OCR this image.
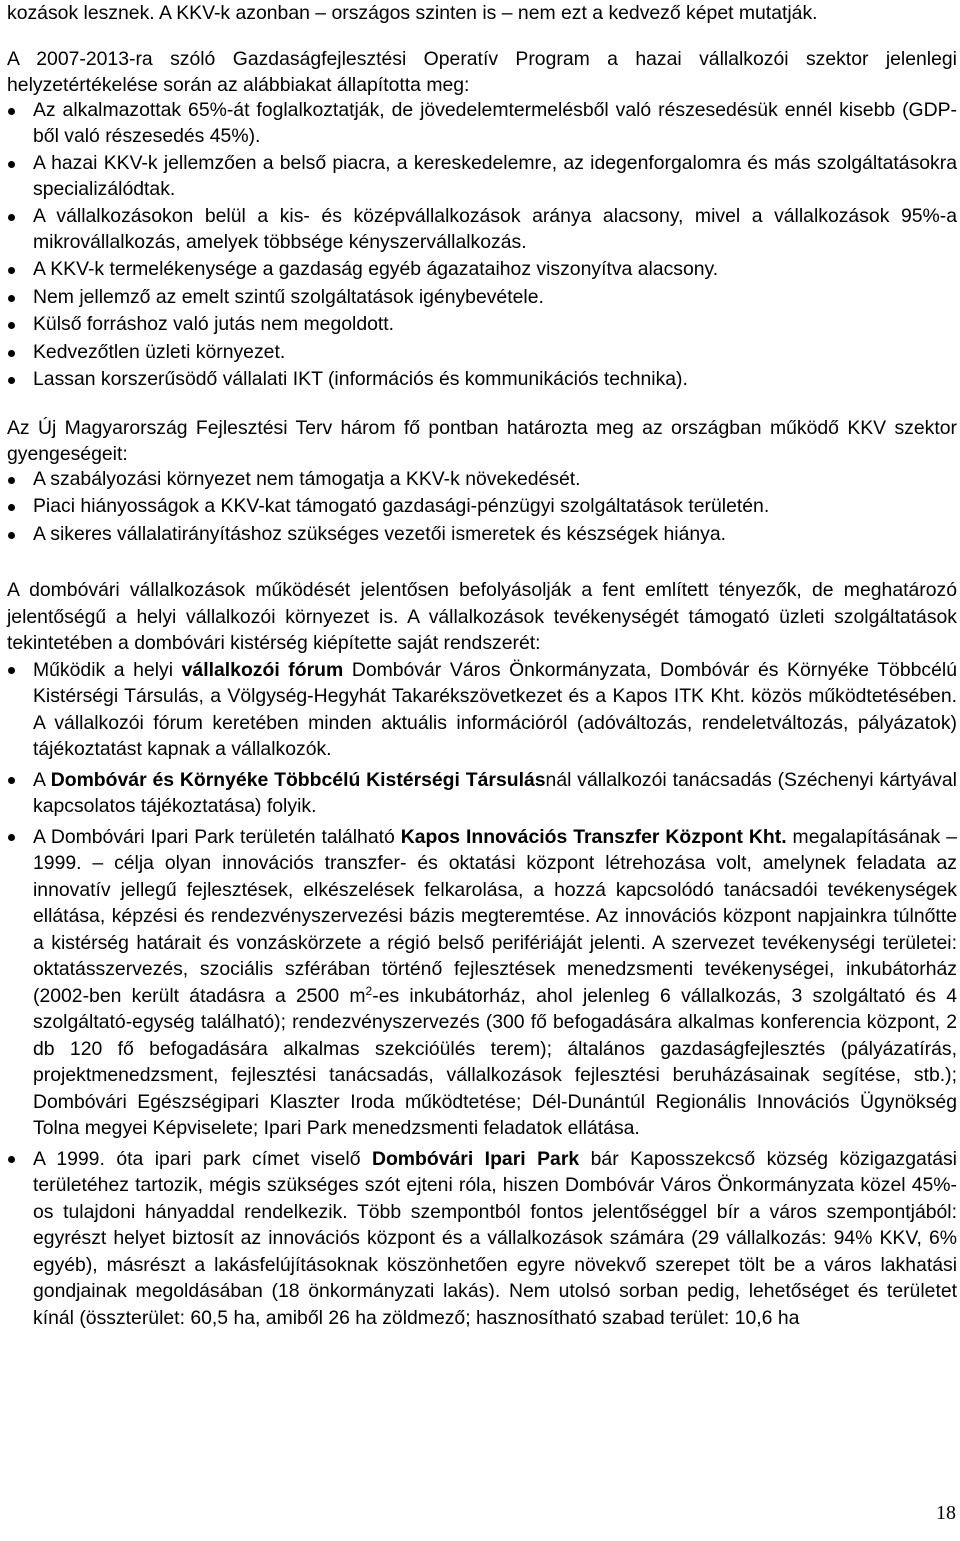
kozások lesznek. A KKV-k azonban – országos szinten is – nem ezt a kedvező képet mutatják.

A 2007-2013-ra szóló Gazdaságfejlesztési Operatív Program a hazai vállalkozói szektor jelenlegi helyzetértékelése során az alábbiakat állapította meg:

Az alkalmazottak 65%-át foglalkoztatják, de jövedelemtermelésből való részesedésük ennél kisebb (GDP-ből való részesedés 45%).
A hazai KKV-k jellemzően a belső piacra, a kereskedelemre, az idegenforgalomra és más szolgáltatásokra specializálódtak.
A vállalkozásokon belül a kis- és középvállalkozások aránya alacsony, mivel a vállalkozások 95%-a mikrovállalkozás, amelyek többsége kényszervállalkozás.
A KKV-k termelékenysége a gazdaság egyéb ágazataihoz viszonyítva alacsony.
Nem jellemző az emelt szintű szolgáltatások igénybevétele.
Külső forráshoz való jutás nem megoldott.
Kedvezőtlen üzleti környezet.
Lassan korszerűsödő vállalati IKT (információs és kommunikációs technika).

Az Új Magyarország Fejlesztési Terv három fő pontban határozta meg az országban működő KKV szektor gyengeségeit:

A szabályozási környezet nem támogatja a KKV-k növekedését.
Piaci hiányosságok a KKV-kat támogató gazdasági-pénzügyi szolgáltatások területén.
A sikeres vállalatirányításhoz szükséges vezetői ismeretek és készségek hiánya.

A dombóvári vállalkozások működését jelentősen befolyásolják a fent említett tényezők, de meghatározó jelentőségű a helyi vállalkozói környezet is. A vállalkozások tevékenységét támogató üzleti szolgáltatások tekintetében a dombóvári kistérség kiépítette saját rendszerét:

Működik a helyi vállalkozói fórum Dombóvár Város Önkormányzata, Dombóvár és Környéke Többcélú Kistérségi Társulás, a Völgység-Hegyhát Takarékszövetkezet és a Kapos ITK Kht. közös működtetésében. A vállalkozói fórum keretében minden aktuális információról (adóváltozás, rendeletváltozás, pályázatok) tájékoztatást kapnak a vállalkozók.
A Dombóvár és Környéke Többcélú Kistérségi Társulásnál vállalkozói tanácsadás (Széchenyi kártyával kapcsolatos tájékoztatása) folyik.
A Dombóvári Ipari Park területén található Kapos Innovációs Transzfer Központ Kht. megalapításának – 1999. – célja olyan innovációs transzfer- és oktatási központ létrehozása volt, amelynek feladata az innovatív jellegű fejlesztések, elkészelések felkarolása, a hozzá kapcsolódó tanácsadói tevékenységek ellátása, képzési és rendezvényszervezési bázis megteremtése. Az innovációs központ napjainkra túlnőtte a kistérség határait és vonzáskörzete a régió belső perifériáját jelenti. A szervezet tevékenységi területei: oktatásszervezés, szociális szférában történő fejlesztések menedzsmenti tevékenységei, inkubátorház (2002-ben került átadásra a 2500 $m^2-es$ inkubátorház, ahol jelenleg 6 vállalkozás, 3 szolgáltató és 4 szolgáltató-egység található); rendezvényszervezés (300 fő befogadására alkalmas konferencia központ, 2 db 120 fő befogadására alkalmas szekcióülés terem); általános gazdaságfejlesztés (pályázatírás, projektmenedzsment, fejlesztési tanácsadás, vállalkozások fejlesztési beruházásainak segítése, stb.); Dombóvári Egészségipari Klaszter Iroda működtetése; Dél-Dunántúl Regionális Innovációs Ügynökség Tolna megyei Képviselete; Ipari Park menedzsmenti feladatok ellátása.
A 1999. óta ipari park címet viselő Dombóvári Ipari Park bár Kaposszekcső község közigazgatási területéhez tartozik, mégis szükséges szót ejteni róla, hiszen Dombóvár Város Önkormányzata közel 45%-os tulajdoni hányaddal rendelkezik. Több szempontból fontos jelentőséggel bír a város szempontjából: egyrészt helyet biztosít az innovációs központ és a vállalkozások számára (29 vállalkozás: 94% KKV, 6% egyéb), másrészt a lakásfelújításoknak köszönhetően egyre növekvő szerepet tölt be a város lakhatási gondjainak megoldásában (18 önkormányzati lakás). Nem utolsó sorban pedig, lehetőséget és területet kínál (összterület: 60,5 ha, amiből 26 ha zöldmező; hasznosítható szabad terület: 10,6 ha
18
